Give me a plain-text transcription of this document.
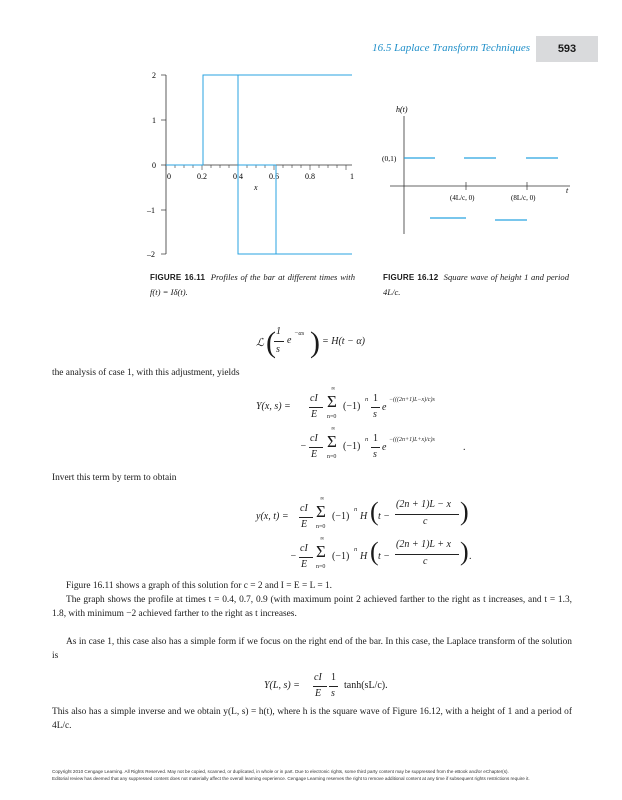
16.5 Laplace Transform Techniques	593
2
1
0
–1
–2
0	0.2	0.4	0.6	0.8	1
x
FIGURE 16.11 Profiles of the bar at different times with f(t) = Iδ(t).
h(t)
(0,1)
t
(4L/c, 0)	(8L/c, 0)
FIGURE 16.12 Square wave of height 1 and period 4L/c.
ℒ ( 1
s
e
−αs ) = H(t − α)
the analysis of case 1, with this adjustment, yields
Y(x, s) =
cI
E
∞
Σ
n=0
(−1)
n 1
s
e
−(((2n+1)L−x)/c)s
−
cI
E
∞
Σ
n=0
(−1)
n 1
s
e
−(((2n+1)L+x)/c)s
.
Invert this term by term to obtain
y(x, t) =
cI
E
∞
Σ
n=0
(−1)
n
H ( t −
(2n + 1)L − x
c )
−
cI
E
∞
Σ
n=0
(−1)
n
H ( t −
(2n + 1)L + x
c ) .
Figure 16.11 shows a graph of this solution for c = 2 and I = E = L = 1.
The graph shows the profile at times t = 0.4, 0.7, 0.9 (with maximum point 2 achieved farther to the right as t increases, and t = 1.3, 1.8, with minimum −2 achieved farther to the right as t increases.
As in case 1, this case also has a simple form if we focus on the right end of the bar. In this case, the Laplace transform of the solution is
Y(L, s) =
cI
E
1
s
tanh(sL/c).
This also has a simple inverse and we obtain y(L, s) = h(t), where h is the square wave of Figure 16.12, with a height of 1 and a period of 4L/c.
Copyright 2010 Cengage Learning. All Rights Reserved. May not be copied, scanned, or duplicated, in whole or in part. Due to electronic rights, some third party content may be suppressed from the eBook and/or eChapter(s).
Editorial review has deemed that any suppressed content does not materially affect the overall learning experience. Cengage Learning reserves the right to remove additional content at any time if subsequent rights restrictions require it.
